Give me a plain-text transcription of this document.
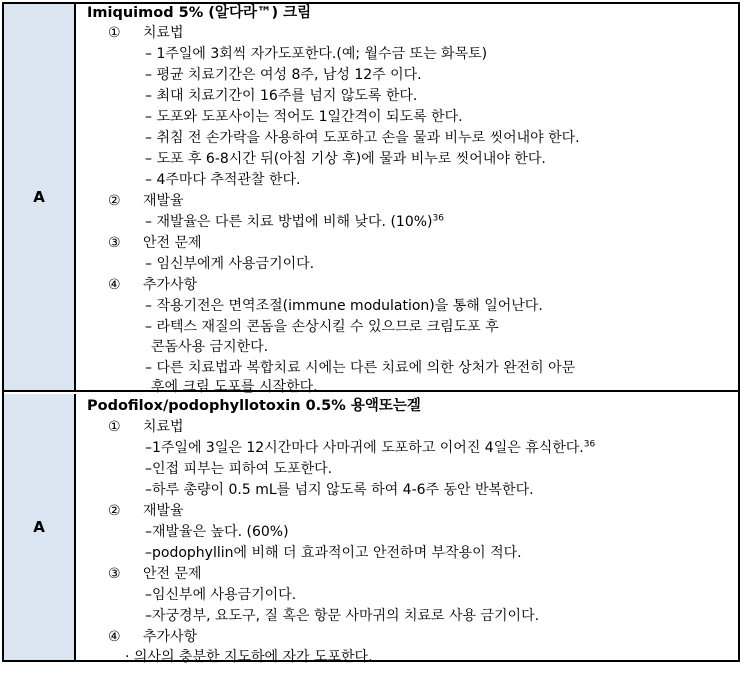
A
Imiquimod 5% (알다라™) 크림
① 치료법
– 1주일에 3회씩 자가도포한다.(예; 월수금 또는 화목토)
– 평균 치료기간은 여성 8주, 남성 12주 이다.
– 최대 치료기간이 16주를 넘지 않도록 한다.
– 도포와 도포사이는 적어도 1일간격이 되도록 한다.
– 취침 전 손가락을 사용하여 도포하고 손을 물과 비누로 씻어내야 한다.
– 도포 후 6-8시간 뒤(아침 기상 후)에 물과 비누로 씻어내야 한다.
– 4주마다 추적관찰 한다.
② 재발율
– 재발율은 다른 치료 방법에 비해 낮다. $(10\%)^{36}$
③ 안전 문제
– 임신부에게 사용금기이다.
④ 추가사항
– 작용기전은 면역조절(immune modulation)을 통해 일어난다.
– 라텍스 재질의 콘돔을 손상시킬 수 있으므로 크림도포 후
콘돔사용 금지한다.
– 다른 치료법과 복합치료 시에는 다른 치료에 의한 상처가 완전히 아문
후에 크림 도포를 시작한다.
A
Podofilox/podophyllotoxin 0.5% 용액또는겔
① 치료법
–1주일에 3일은 12시간마다 사마귀에 도포하고 이어진 4일은 휴식한다.$^{36}$
–인접 피부는 피하여 도포한다.
–하루 총량이 0.5 mL를 넘지 않도록 하여 4-6주 동안 반복한다.
② 재발율
–재발율은 높다. (60%)
–podophyllin에 비해 더 효과적이고 안전하며 부작용이 적다.
③ 안전 문제
–임신부에 사용금기이다.
–자궁경부, 요도구, 질 혹은 항문 사마귀의 치료로 사용 금기이다.
④ 추가사항
· 의사의 충분한 지도하에 자가 도포한다.
